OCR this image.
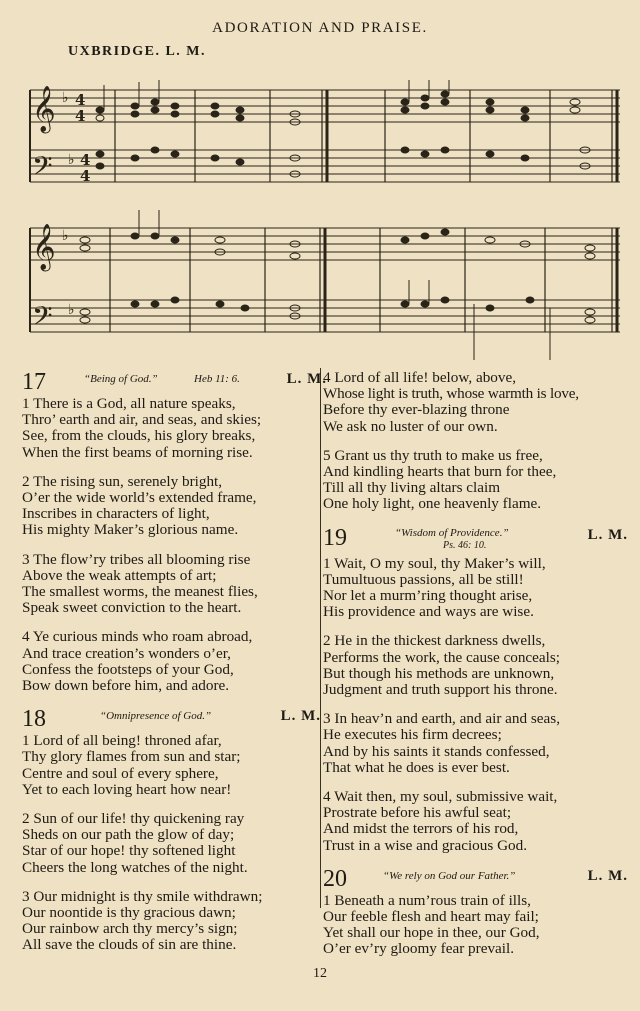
ADORATION AND PRAISE.
UXBRIDGE. L. M.
𝄞
𝄢
𝄞
𝄢
♭
♭
♭
♭
4
4
4
4
17	“Being of God.”	Heb 11: 6.	L. M.
1 There is a God, all nature speaks,
Thro’ earth and air, and seas, and skies;
See, from the clouds, his glory breaks,
When the first beams of morning rise.
2 The rising sun, serenely bright,
O’er the wide world’s extended frame,
Inscribes in characters of light,
His mighty Maker’s glorious name.
3 The flow’ry tribes all blooming rise
Above the weak attempts of art;
The smallest worms, the meanest flies,
Speak sweet conviction to the heart.
4 Ye curious minds who roam abroad,
And trace creation’s wonders o’er,
Confess the footsteps of your God,
Bow down before him, and adore.
18	“Omnipresence of God.”	L. M.
1 Lord of all being! throned afar,
Thy glory flames from sun and star;
Centre and soul of every sphere,
Yet to each loving heart how near!
2 Sun of our life! thy quickening ray
Sheds on our path the glow of day;
Star of our hope! thy softened light
Cheers the long watches of the night.
3 Our midnight is thy smile withdrawn;
Our noontide is thy gracious dawn;
Our rainbow arch thy mercy’s sign;
All save the clouds of sin are thine.
4 Lord of all life! below, above,
Whose light is truth, whose warmth is love,
Before thy ever-blazing throne
We ask no luster of our own.
5 Grant us thy truth to make us free,
And kindling hearts that burn for thee,
Till all thy living altars claim
One holy light, one heavenly flame.
19	“Wisdom of Providence.”
Ps. 46: 10.
L. M.
1 Wait, O my soul, thy Maker’s will,
Tumultuous passions, all be still!
Nor let a murm’ring thought arise,
His providence and ways are wise.
2 He in the thickest darkness dwells,
Performs the work, the cause conceals;
But though his methods are unknown,
Judgment and truth support his throne.
3 In heav’n and earth, and air and seas,
He executes his firm decrees;
And by his saints it stands confessed,
That what he does is ever best.
4 Wait then, my soul, submissive wait,
Prostrate before his awful seat;
And midst the terrors of his rod,
Trust in a wise and gracious God.
20	“We rely on God our Father.”	L. M.
1 Beneath a num’rous train of ills,
Our feeble flesh and heart may fail;
Yet shall our hope in thee, our God,
O’er ev’ry gloomy fear prevail.
12
